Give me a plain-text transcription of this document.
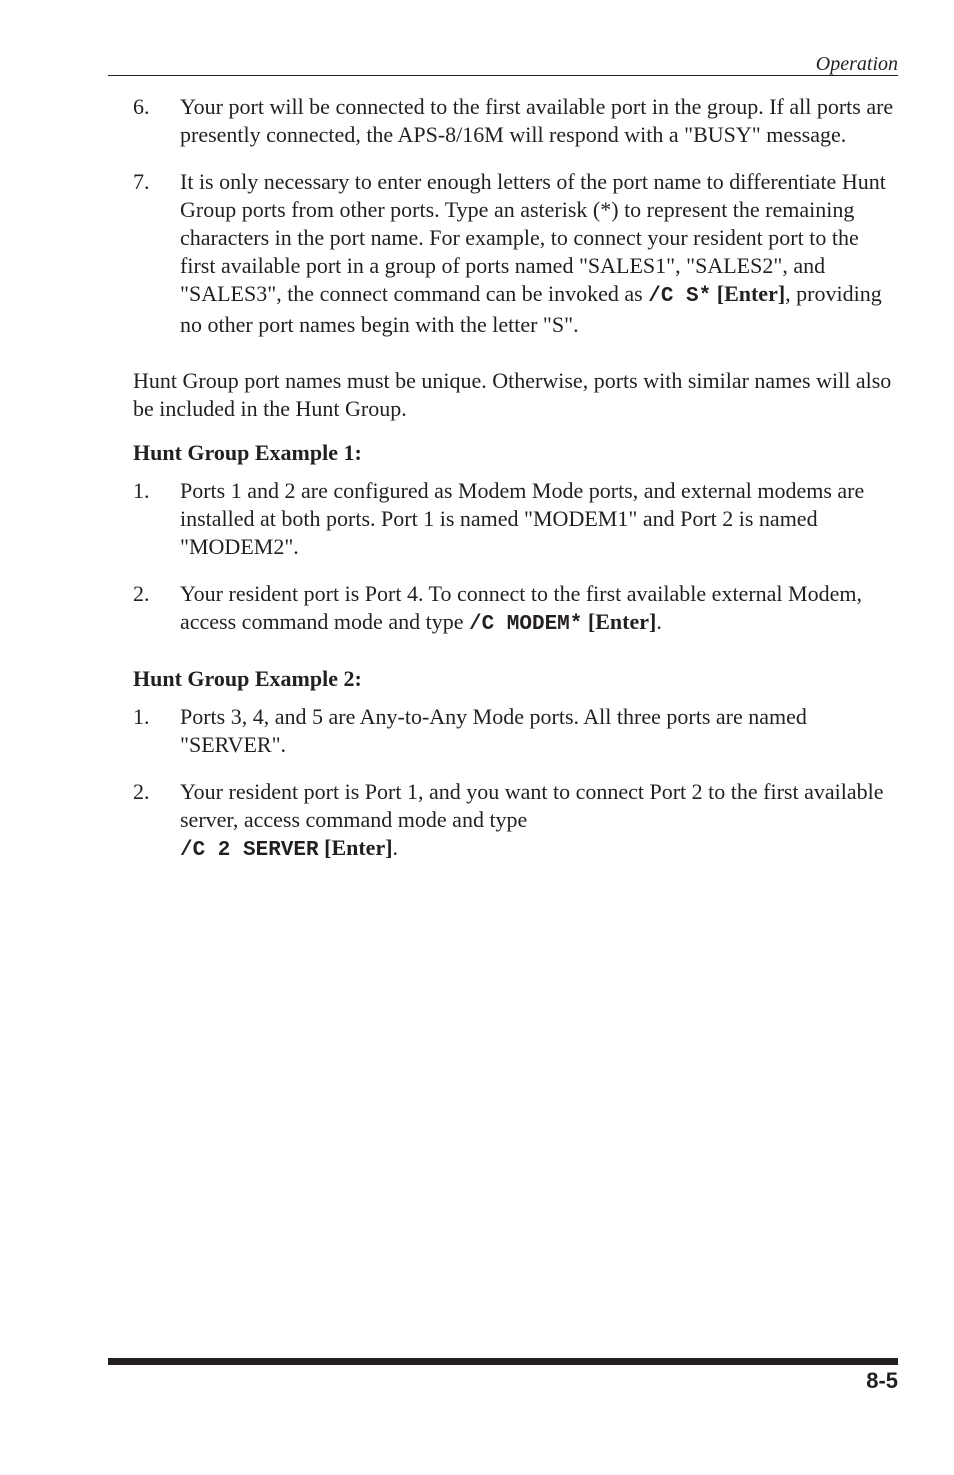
Operation
6.	Your port will be connected to the first available port in the group. If all ports are presently connected, the APS-8/16M will respond with a "BUSY" message.
7.	It is only necessary to enter enough letters of the port name to differentiate Hunt Group ports from other ports. Type an asterisk (*) to represent the remaining characters in the port name. For example, to connect your resident port to the first available port in a group of ports named "SALES1", "SALES2", and "SALES3", the connect command can be invoked as /C S* [Enter], providing no other port names begin with the letter "S".

Hunt Group port names must be unique. Otherwise, ports with similar names will also be included in the Hunt Group.

Hunt Group Example 1:
1.	Ports 1 and 2 are configured as Modem Mode ports, and external modems are installed at both ports. Port 1 is named "MODEM1" and Port 2 is named "MODEM2".
2.	Your resident port is Port 4. To connect to the first available external Modem, access command mode and type /C MODEM* [Enter].
Hunt Group Example 2:
1.	Ports 3, 4, and 5 are Any-to-Any Mode ports. All three ports are named "SERVER".
2.	Your resident port is Port 1, and you want to connect Port 2 to the first available server, access command mode and type
/C 2 SERVER [Enter].
8-5
